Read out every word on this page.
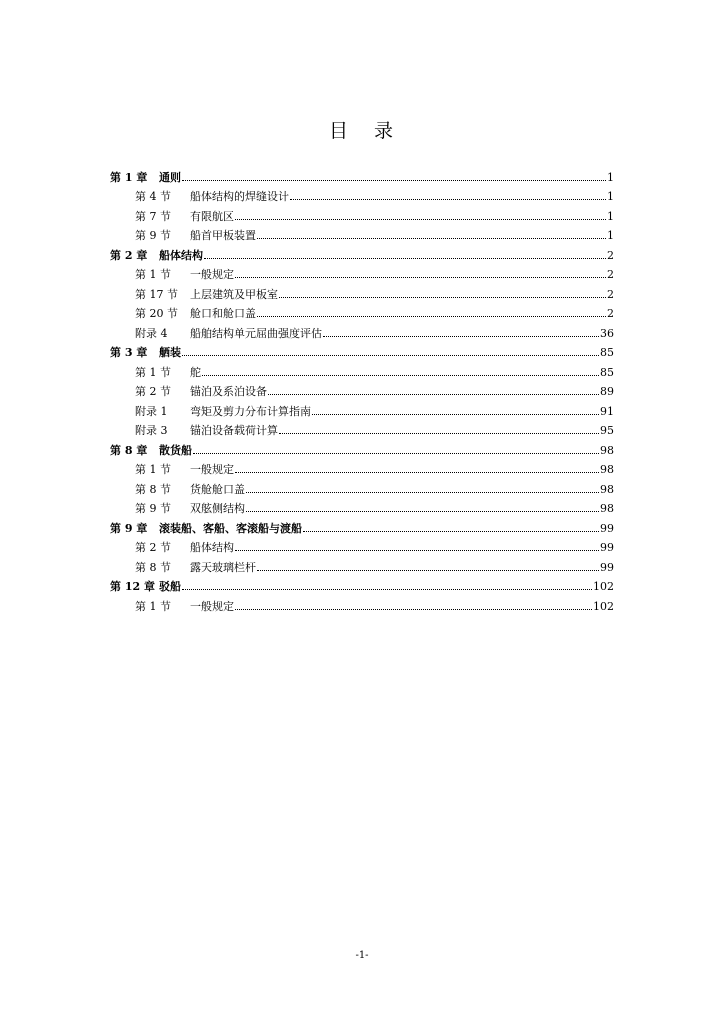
目 录
第 1 章	通则	1
第 4 节	船体结构的焊缝设计	1
第 7 节	有限航区	1
第 9 节	船首甲板装置	1
第 2 章	船体结构	2
第 1 节	一般规定	2
第 17 节	上层建筑及甲板室	2
第 20 节	舱口和舱口盖	2
附录 4	船舶结构单元屈曲强度评估	36
第 3 章	舾装	85
第 1 节	舵	85
第 2 节	锚泊及系泊设备	89
附录 1	弯矩及剪力分布计算指南	91
附录 3	锚泊设备载荷计算	95
第 8 章	散货船	98
第 1 节	一般规定	98
第 8 节	货舱舱口盖	98
第 9 节	双舷侧结构	98
第 9 章	滚装船、客船、客滚船与渡船	99
第 2 节	船体结构	99
第 8 节	露天玻璃栏杆	99
第 12 章 驳船	102
第 1 节	一般规定	102
-1-
